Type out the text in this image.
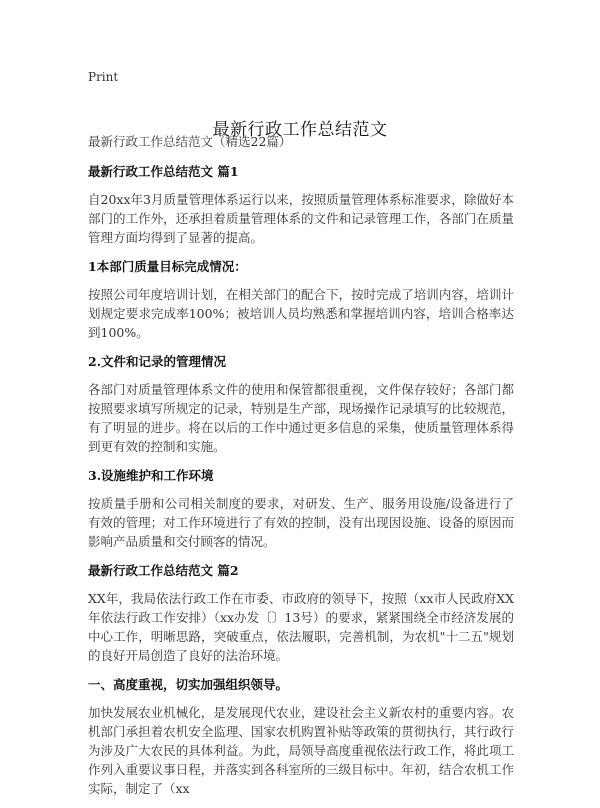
Print
最新行政工作总结范文

最新行政工作总结范文（精选22篇）

最新行政工作总结范文 篇1

自20xx年3月质量管理体系运行以来，按照质量管理体系标准要求，除做好本部门的工作外，还承担着质量管理体系的文件和记录管理工作，各部门在质量管理方面均得到了显著的提高。

1本部门质量目标完成情况：

按照公司年度培训计划，在相关部门的配合下，按时完成了培训内容，培训计划规定要求完成率100%；被培训人员均熟悉和掌握培训内容，培训合格率达到100%。

2.文件和记录的管理情况

各部门对质量管理体系文件的使用和保管都很重视，文件保存较好；各部门都按照要求填写所规定的记录，特别是生产部，现场操作记录填写的比较规范，有了明显的进步。将在以后的工作中通过更多信息的采集，使质量管理体系得到更有效的控制和实施。

3.设施维护和工作环境

按质量手册和公司相关制度的要求，对研发、生产、服务用设施/设备进行了有效的管理；对工作环境进行了有效的控制，没有出现因设施、设备的原因而影响产品质量和交付顾客的情况。

最新行政工作总结范文 篇2

XX年，我局依法行政工作在市委、市政府的领导下，按照（xx市人民政府XX年依法行政工作安排）（xx办发〔〕13号）的要求，紧紧围绕全市经济发展的中心工作，明晰思路，突破重点，依法履职，完善机制，为农机"十二五"规划的良好开局创造了良好的法治环境。

一、高度重视，切实加强组织领导。

加快发展农业机械化，是发展现代农业，建设社会主义新农村的重要内容。农机部门承担着农机安全监理、国家农机购置补贴等政策的贯彻执行，其行政行为涉及广大农民的具体利益。为此，局领导高度重视依法行政工作，将此项工作列入重要议事日程，并落实到各科室所的三级目标中。年初，结合农机工作实际，制定了（xx
